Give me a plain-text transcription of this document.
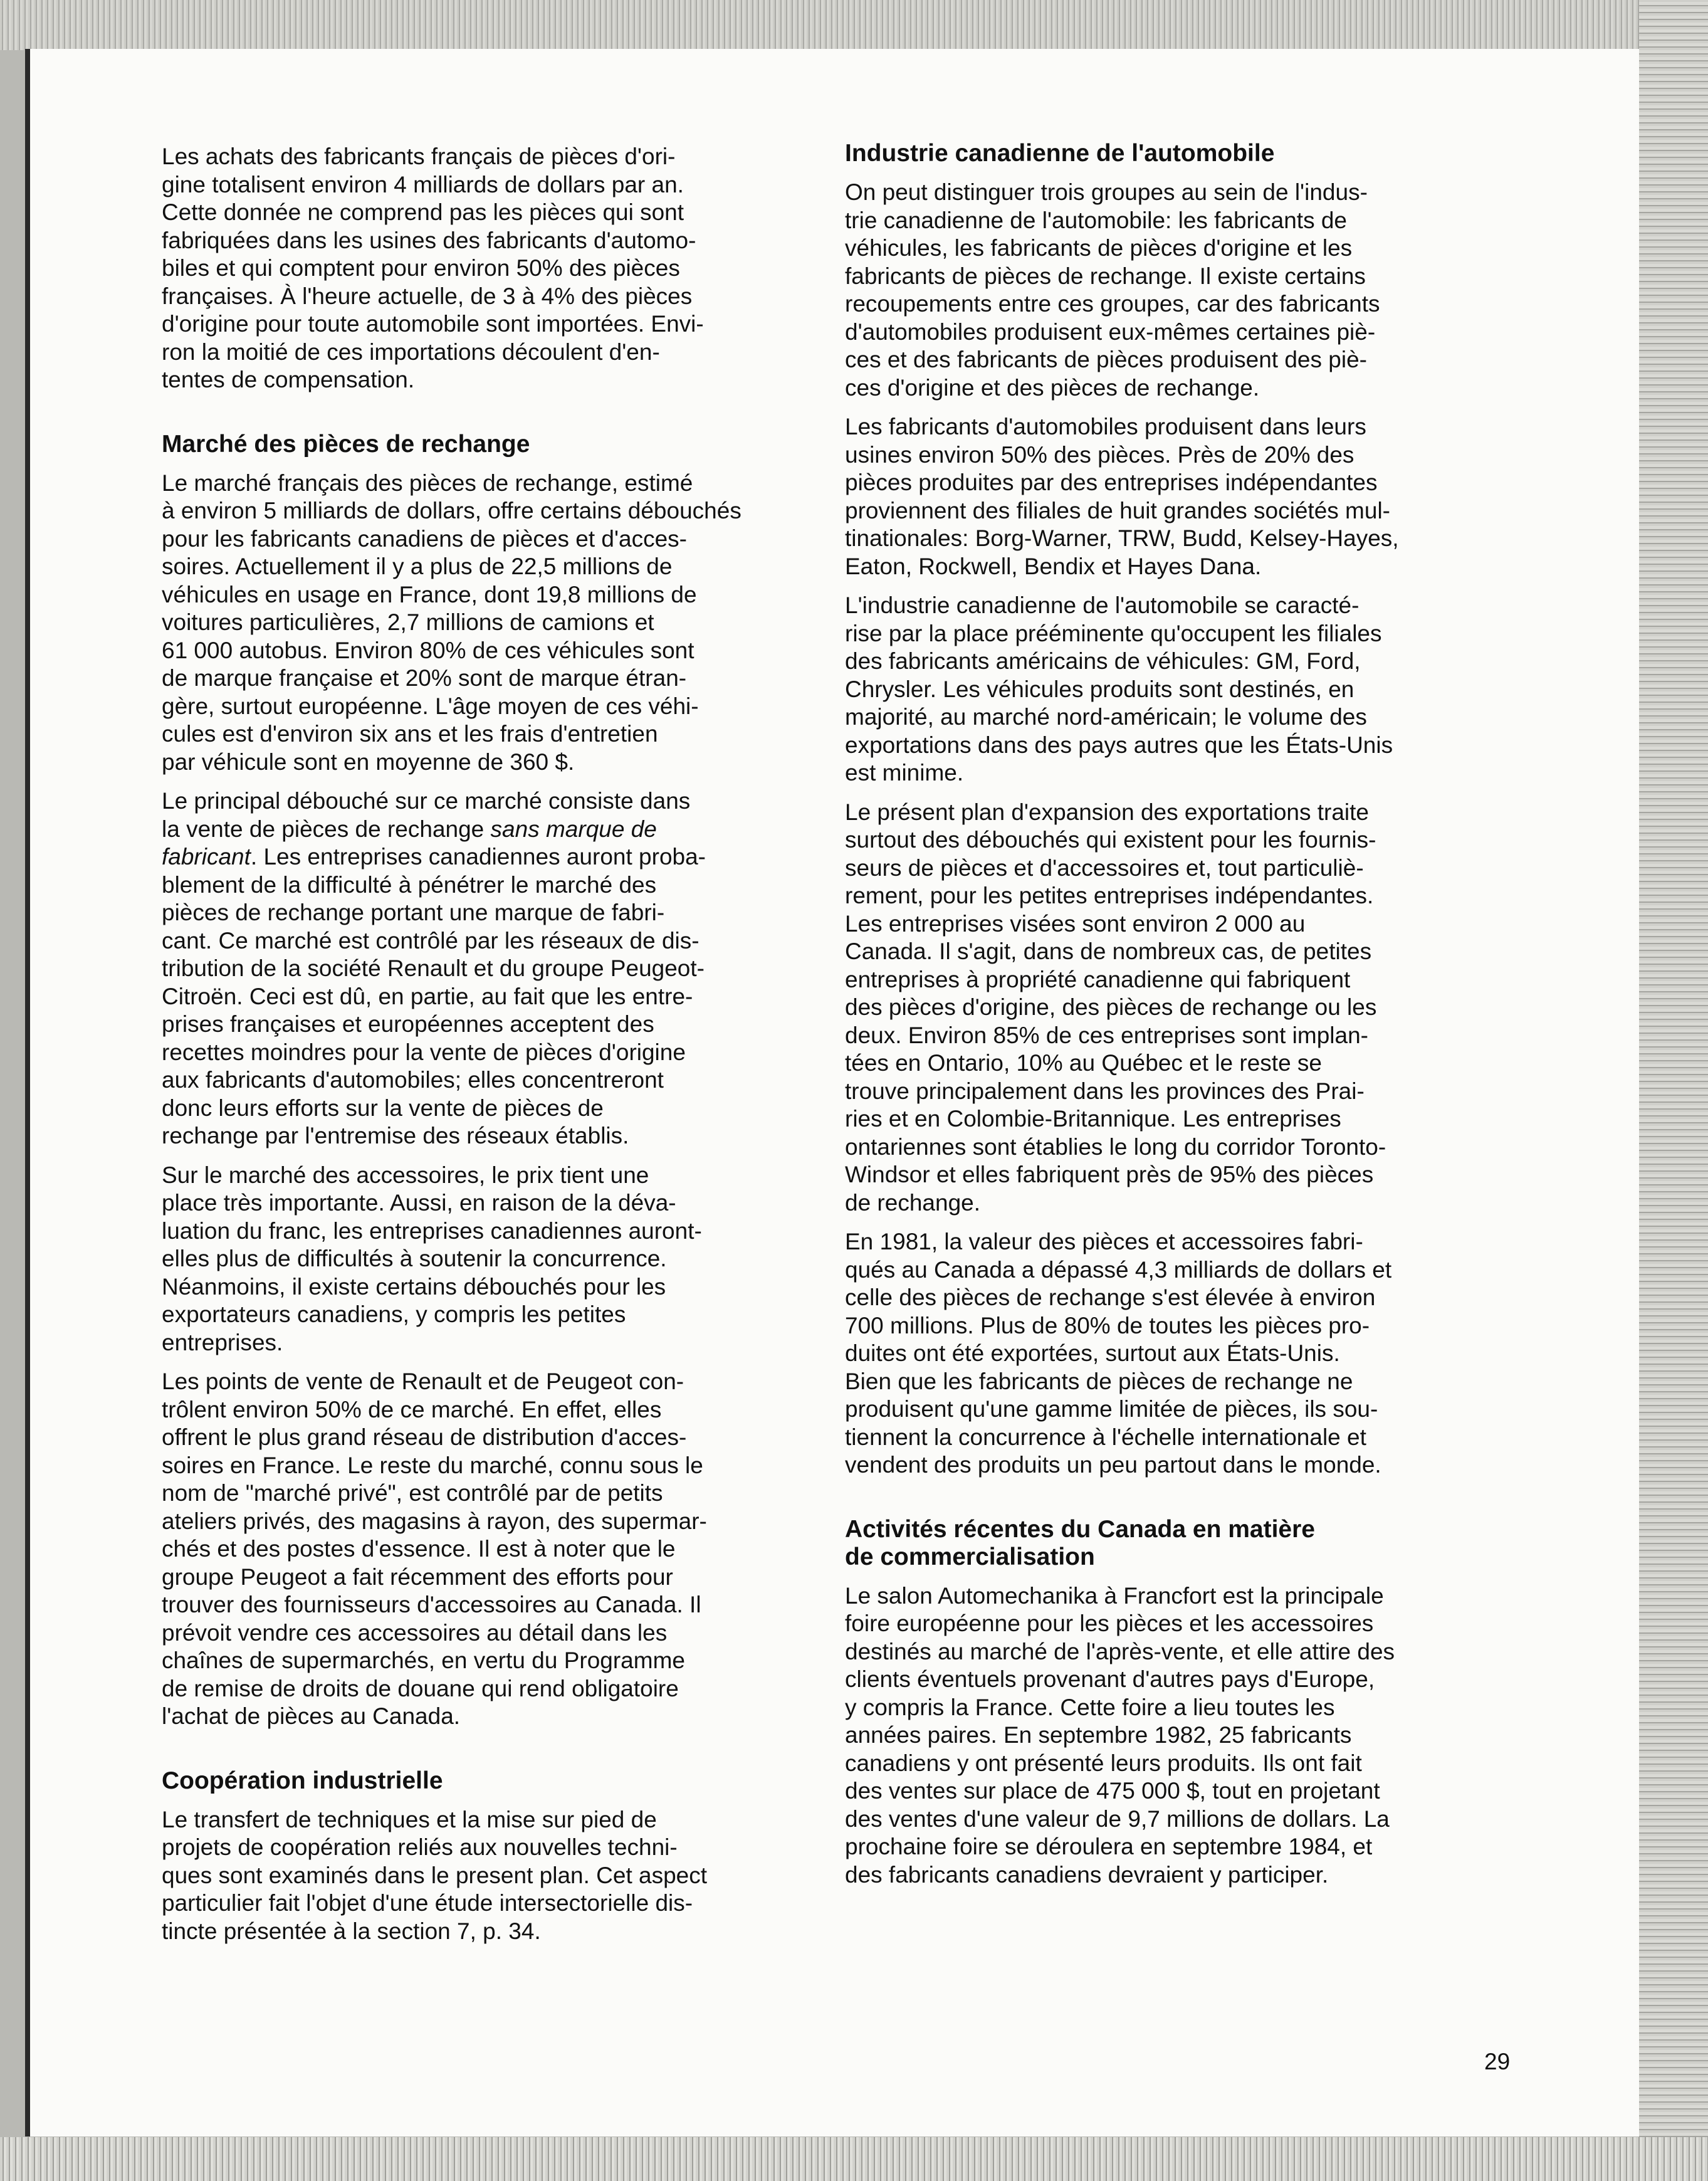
Les achats des fabricants français de pièces d'ori-
gine totalisent environ 4 milliards de dollars par an.
Cette donnée ne comprend pas les pièces qui sont
fabriquées dans les usines des fabricants d'automo-
biles et qui comptent pour environ 50% des pièces
françaises. À l'heure actuelle, de 3 à 4% des pièces
d'origine pour toute automobile sont importées. Envi-
ron la moitié de ces importations découlent d'en-
tentes de compensation.

Marché des pièces de rechange

Le marché français des pièces de rechange, estimé
à environ 5 milliards de dollars, offre certains débouchés
pour les fabricants canadiens de pièces et d'acces-
soires. Actuellement il y a plus de 22,5 millions de
véhicules en usage en France, dont 19,8 millions de
voitures particulières, 2,7 millions de camions et
61 000 autobus. Environ 80% de ces véhicules sont
de marque française et 20% sont de marque étran-
gère, surtout européenne. L'âge moyen de ces véhi-
cules est d'environ six ans et les frais d'entretien
par véhicule sont en moyenne de 360 $.

Le principal débouché sur ce marché consiste dans
la vente de pièces de rechange sans marque de
fabricant. Les entreprises canadiennes auront proba-
blement de la difficulté à pénétrer le marché des
pièces de rechange portant une marque de fabri-
cant. Ce marché est contrôlé par les réseaux de dis-
tribution de la société Renault et du groupe Peugeot-
Citroën. Ceci est dû, en partie, au fait que les entre-
prises françaises et européennes acceptent des
recettes moindres pour la vente de pièces d'origine
aux fabricants d'automobiles; elles concentreront
donc leurs efforts sur la vente de pièces de
rechange par l'entremise des réseaux établis.

Sur le marché des accessoires, le prix tient une
place très importante. Aussi, en raison de la déva-
luation du franc, les entreprises canadiennes auront-
elles plus de difficultés à soutenir la concurrence.
Néanmoins, il existe certains débouchés pour les
exportateurs canadiens, y compris les petites
entreprises.

Les points de vente de Renault et de Peugeot con-
trôlent environ 50% de ce marché. En effet, elles
offrent le plus grand réseau de distribution d'acces-
soires en France. Le reste du marché, connu sous le
nom de "marché privé", est contrôlé par de petits
ateliers privés, des magasins à rayon, des supermar-
chés et des postes d'essence. Il est à noter que le
groupe Peugeot a fait récemment des efforts pour
trouver des fournisseurs d'accessoires au Canada. Il
prévoit vendre ces accessoires au détail dans les
chaînes de supermarchés, en vertu du Programme
de remise de droits de douane qui rend obligatoire
l'achat de pièces au Canada.

Coopération industrielle

Le transfert de techniques et la mise sur pied de
projets de coopération reliés aux nouvelles techni-
ques sont examinés dans le present plan. Cet aspect
particulier fait l'objet d'une étude intersectorielle dis-
tincte présentée à la section 7, p. 34.

Industrie canadienne de l'automobile

On peut distinguer trois groupes au sein de l'indus-
trie canadienne de l'automobile: les fabricants de
véhicules, les fabricants de pièces d'origine et les
fabricants de pièces de rechange. Il existe certains
recoupements entre ces groupes, car des fabricants
d'automobiles produisent eux-mêmes certaines piè-
ces et des fabricants de pièces produisent des piè-
ces d'origine et des pièces de rechange.

Les fabricants d'automobiles produisent dans leurs
usines environ 50% des pièces. Près de 20% des
pièces produites par des entreprises indépendantes
proviennent des filiales de huit grandes sociétés mul-
tinationales: Borg-Warner, TRW, Budd, Kelsey-Hayes,
Eaton, Rockwell, Bendix et Hayes Dana.

L'industrie canadienne de l'automobile se caracté-
rise par la place prééminente qu'occupent les filiales
des fabricants américains de véhicules: GM, Ford,
Chrysler. Les véhicules produits sont destinés, en
majorité, au marché nord-américain; le volume des
exportations dans des pays autres que les États-Unis
est minime.

Le présent plan d'expansion des exportations traite
surtout des débouchés qui existent pour les fournis-
seurs de pièces et d'accessoires et, tout particuliè-
rement, pour les petites entreprises indépendantes.
Les entreprises visées sont environ 2 000 au
Canada. Il s'agit, dans de nombreux cas, de petites
entreprises à propriété canadienne qui fabriquent
des pièces d'origine, des pièces de rechange ou les
deux. Environ 85% de ces entreprises sont implan-
tées en Ontario, 10% au Québec et le reste se
trouve principalement dans les provinces des Prai-
ries et en Colombie-Britannique. Les entreprises
ontariennes sont établies le long du corridor Toronto-
Windsor et elles fabriquent près de 95% des pièces
de rechange.

En 1981, la valeur des pièces et accessoires fabri-
qués au Canada a dépassé 4,3 milliards de dollars et
celle des pièces de rechange s'est élevée à environ
700 millions. Plus de 80% de toutes les pièces pro-
duites ont été exportées, surtout aux États-Unis.
Bien que les fabricants de pièces de rechange ne
produisent qu'une gamme limitée de pièces, ils sou-
tiennent la concurrence à l'échelle internationale et
vendent des produits un peu partout dans le monde.

Activités récentes du Canada en matière
de commercialisation

Le salon Automechanika à Francfort est la principale
foire européenne pour les pièces et les accessoires
destinés au marché de l'après-vente, et elle attire des
clients éventuels provenant d'autres pays d'Europe,
y compris la France. Cette foire a lieu toutes les
années paires. En septembre 1982, 25 fabricants
canadiens y ont présenté leurs produits. Ils ont fait
des ventes sur place de 475 000 $, tout en projetant
des ventes d'une valeur de 9,7 millions de dollars. La
prochaine foire se déroulera en septembre 1984, et
des fabricants canadiens devraient y participer.

29
